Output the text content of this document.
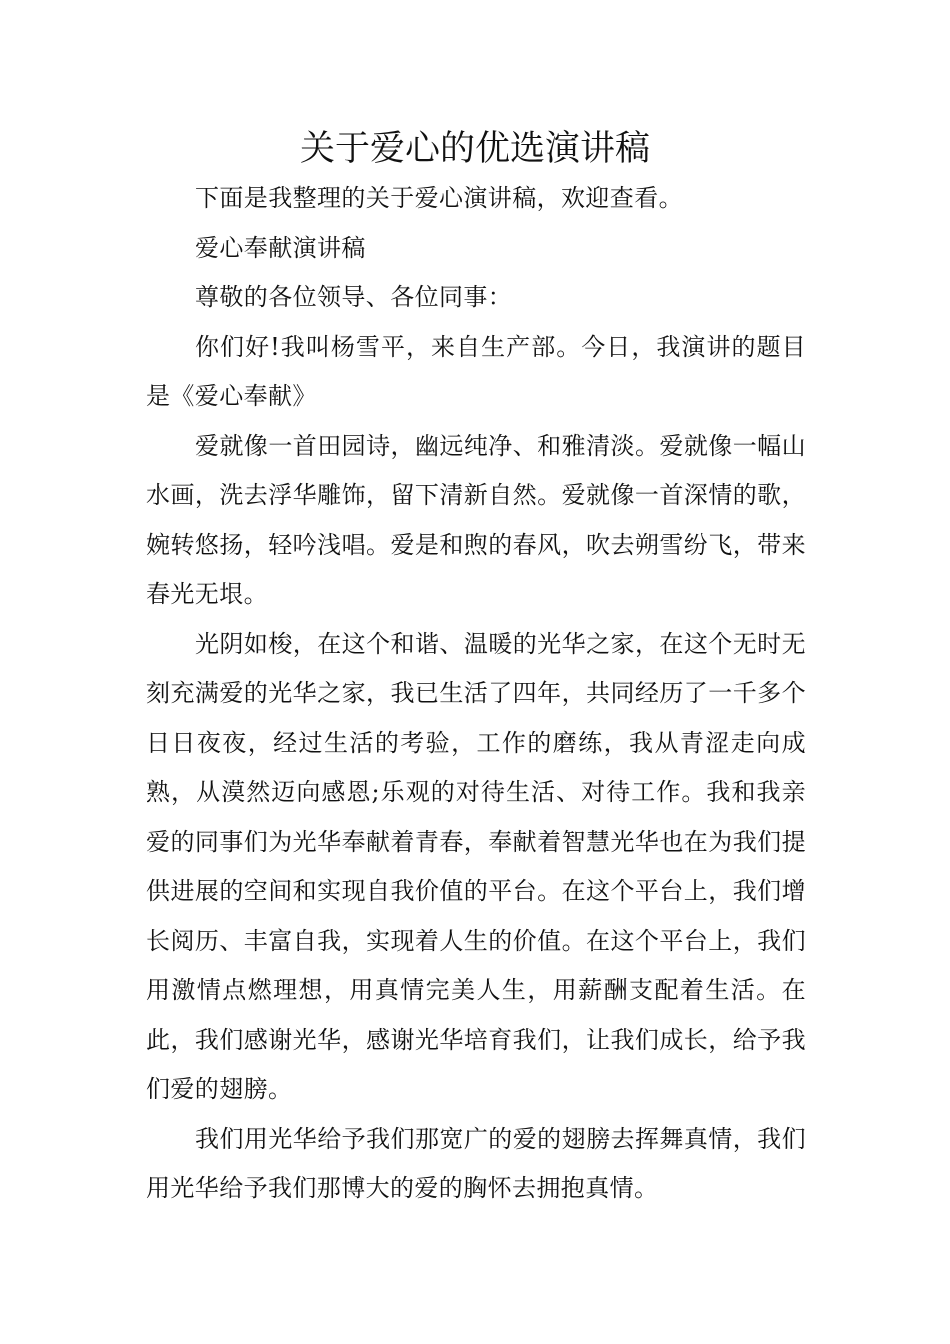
关于爱心的优选演讲稿

下面是我整理的关于爱心演讲稿，欢迎查看。

爱心奉献演讲稿

尊敬的各位领导、各位同事：

你们好!我叫杨雪平，来自生产部。今日，我演讲的题目是《爱心奉献》

爱就像一首田园诗，幽远纯净、和雅清淡。爱就像一幅山水画，洗去浮华雕饰，留下清新自然。爱就像一首深情的歌，婉转悠扬，轻吟浅唱。爱是和煦的春风，吹去朔雪纷飞，带来春光无垠。

光阴如梭，在这个和谐、温暖的光华之家，在这个无时无刻充满爱的光华之家，我已生活了四年，共同经历了一千多个日日夜夜，经过生活的考验，工作的磨练，我从青涩走向成熟，从漠然迈向感恩;乐观的对待生活、对待工作。我和我亲爱的同事们为光华奉献着青春，奉献着智慧光华也在为我们提供进展的空间和实现自我价值的平台。在这个平台上，我们增长阅历、丰富自我，实现着人生的价值。在这个平台上，我们用激情点燃理想，用真情完美人生，用薪酬支配着生活。在此，我们感谢光华，感谢光华培育我们，让我们成长，给予我们爱的翅膀。

我们用光华给予我们那宽广的爱的翅膀去挥舞真情，我们用光华给予我们那博大的爱的胸怀去拥抱真情。
